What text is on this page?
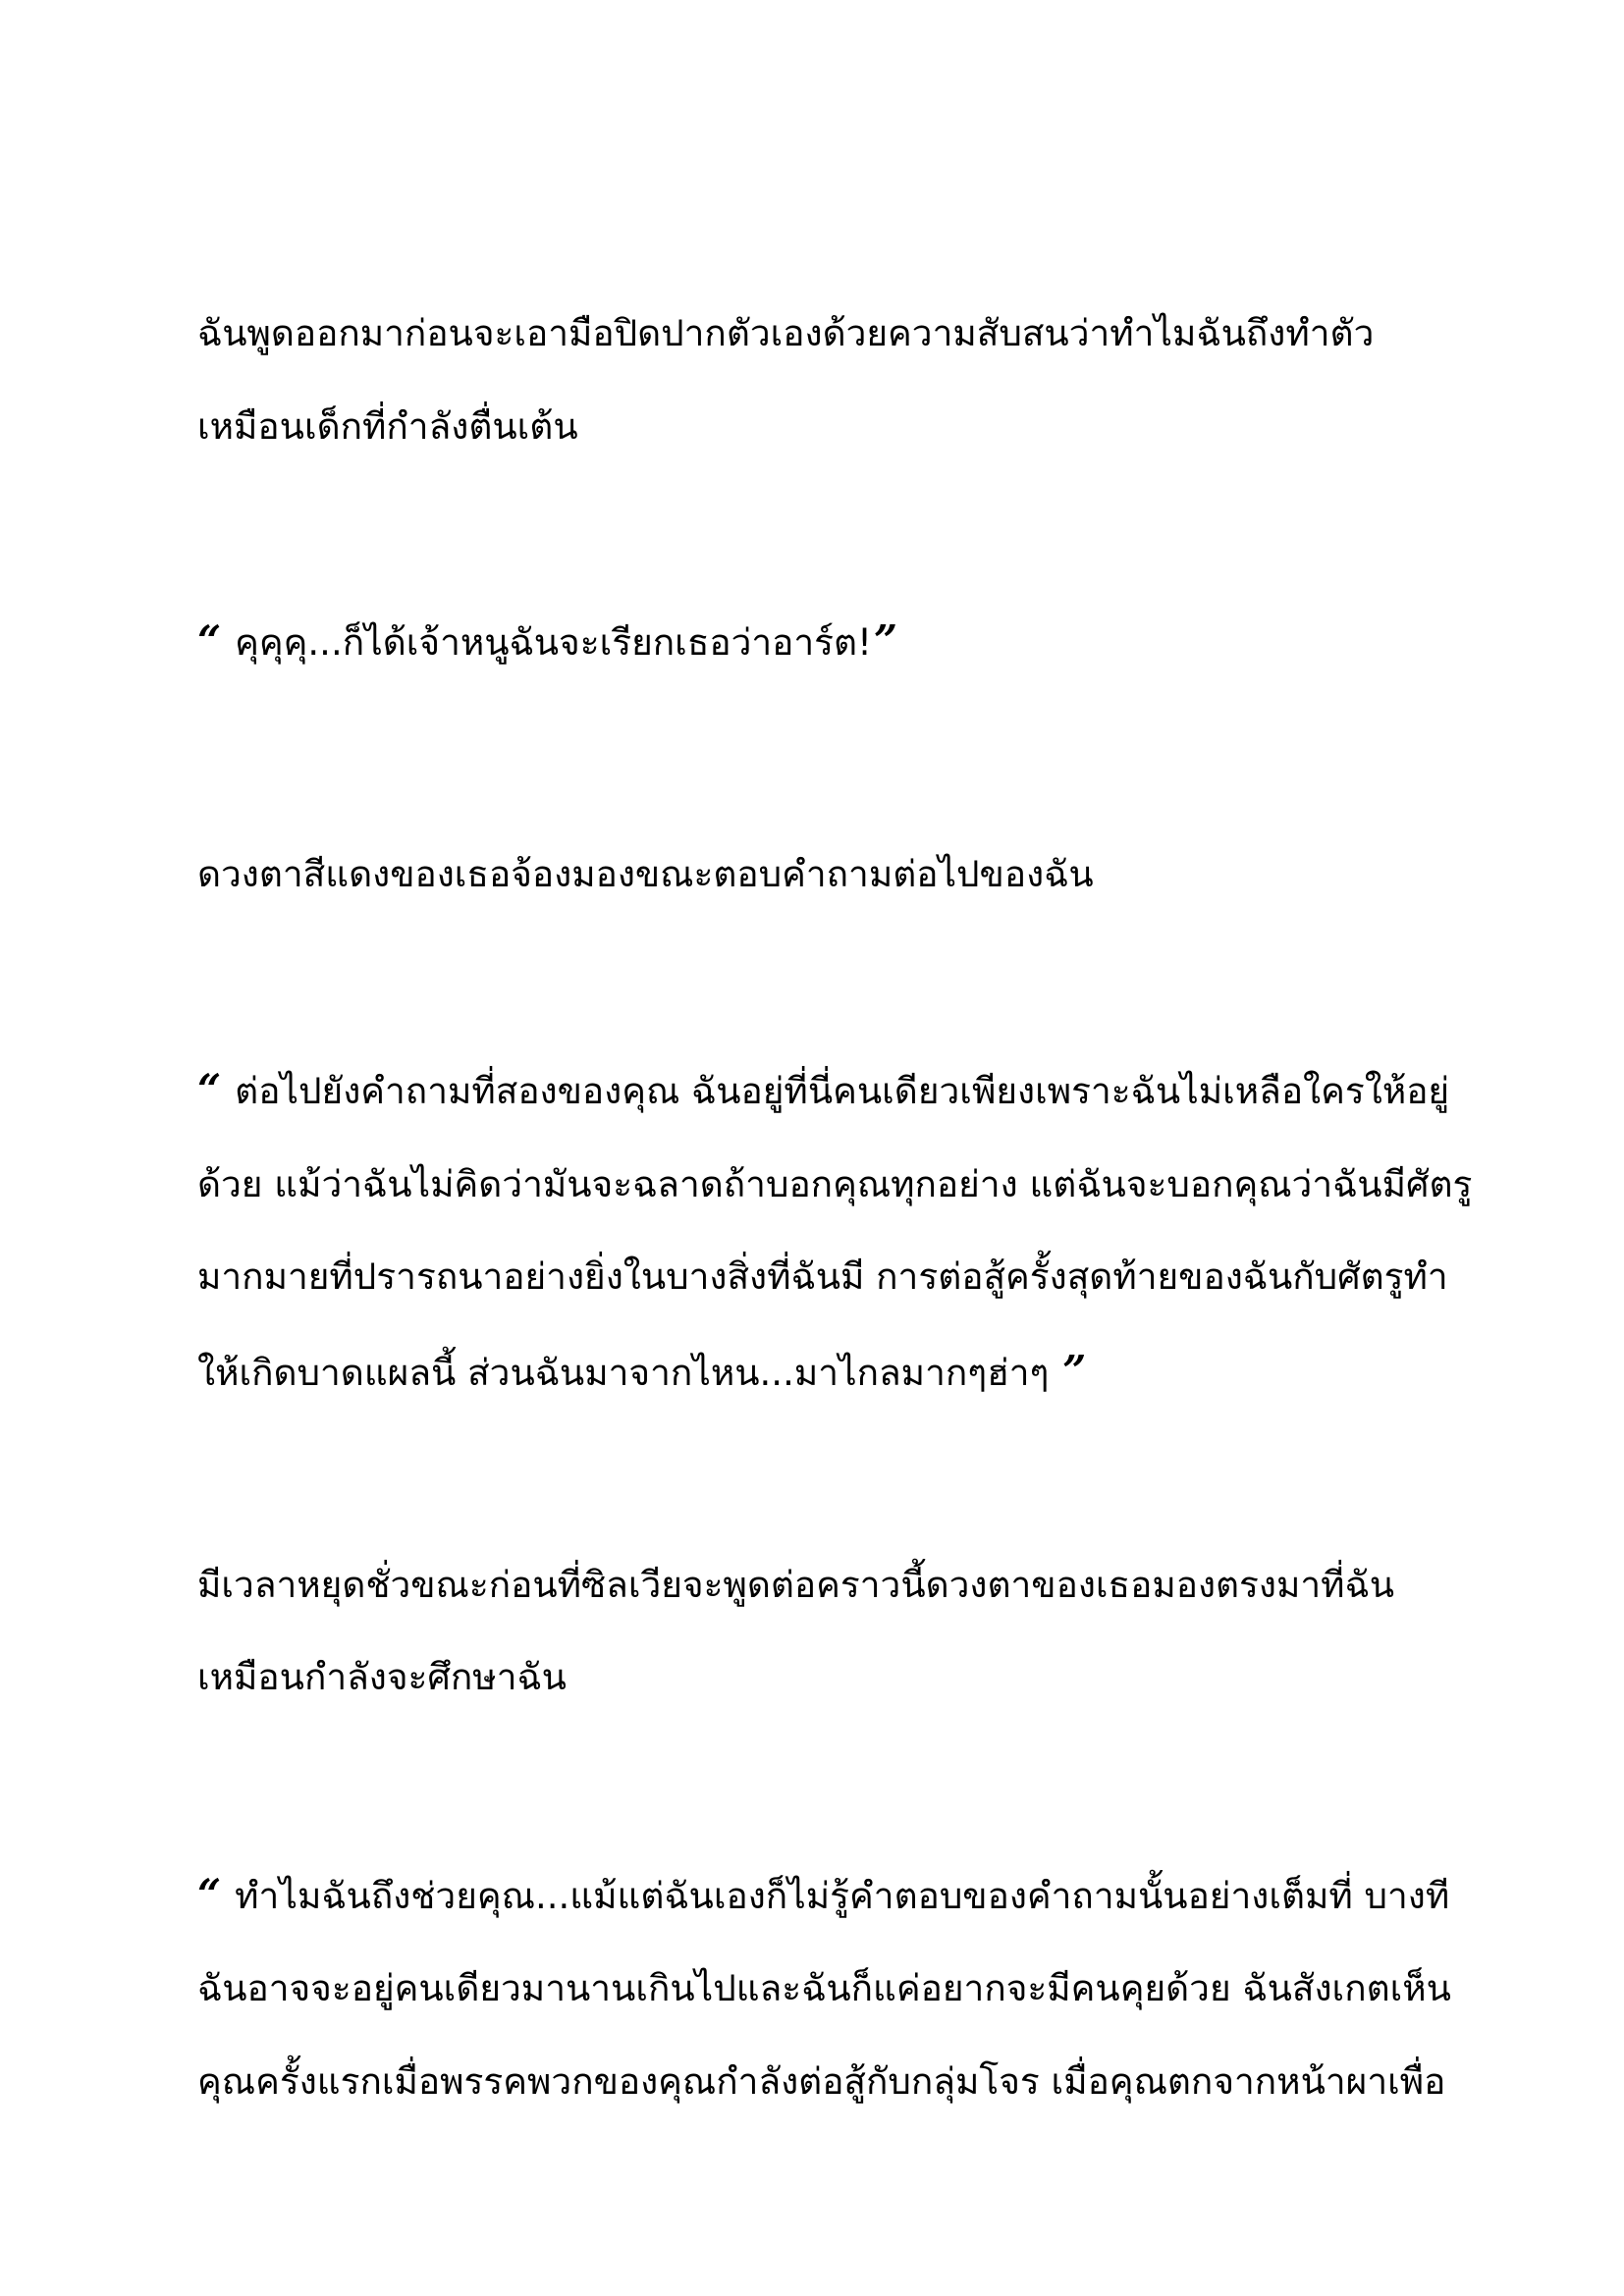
ฉันพูดออกมาก่อนจะเอามือปิดปากตัวเองด้วยความสับสนว่าทำไมฉันถึงทำตัว
เหมือนเด็กที่กำลังตื่นเต้น
“ คุคุคุ...ก็ได้เจ้าหนูฉันจะเรียกเธอว่าอาร์ต!”
ดวงตาสีแดงของเธอจ้องมองขณะตอบคำถามต่อไปของฉัน
“ ต่อไปยังคำถามที่สองของคุณ ฉันอยู่ที่นี่คนเดียวเพียงเพราะฉันไม่เหลือใครให้อยู่
ด้วย แม้ว่าฉันไม่คิดว่ามันจะฉลาดถ้าบอกคุณทุกอย่าง แต่ฉันจะบอกคุณว่าฉันมีศัตรู
มากมายที่ปรารถนาอย่างยิ่งในบางสิ่งที่ฉันมี การต่อสู้ครั้งสุดท้ายของฉันกับศัตรูทำ
ให้เกิดบาดแผลนี้ ส่วนฉันมาจากไหน...มาไกลมากๆฮ่าๆ ”
มีเวลาหยุดชั่วขณะก่อนที่ซิลเวียจะพูดต่อคราวนี้ดวงตาของเธอมองตรงมาที่ฉัน
เหมือนกำลังจะศึกษาฉัน
“ ทำไมฉันถึงช่วยคุณ...แม้แต่ฉันเองก็ไม่รู้คำตอบของคำถามนั้นอย่างเต็มที่ บางที
ฉันอาจจะอยู่คนเดียวมานานเกินไปและฉันก็แค่อยากจะมีคนคุยด้วย ฉันสังเกตเห็น
คุณครั้งแรกเมื่อพรรคพวกของคุณกำลังต่อสู้กับกลุ่มโจร เมื่อคุณตกจากหน้าผาเพื่อ
